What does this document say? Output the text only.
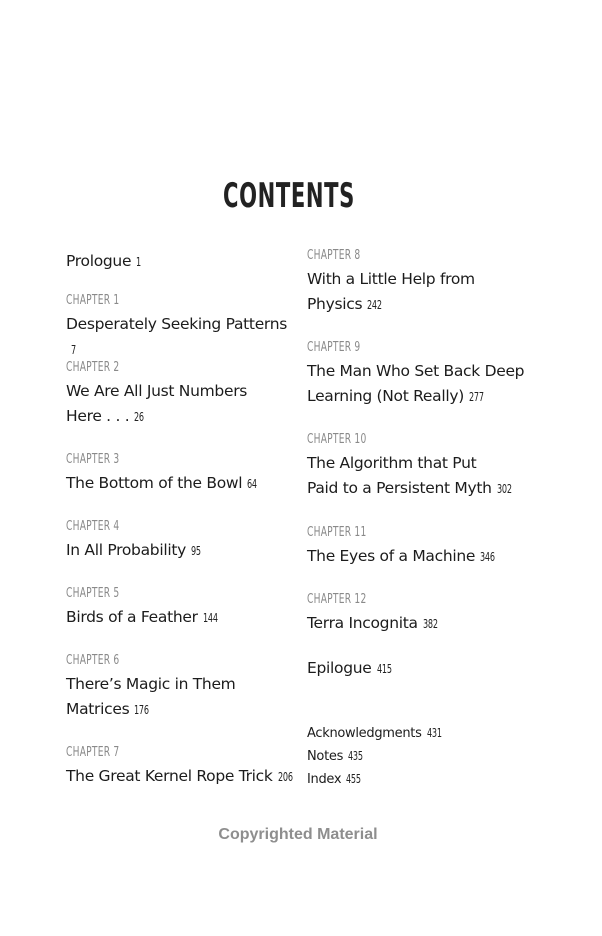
CONTENTS
Prologue 1
CHAPTER 1
Desperately Seeking Patterns7
CHAPTER 2
We Are All Just Numbers
Here . . . 26
CHAPTER 3
The Bottom of the Bowl 64
CHAPTER 4
In All Probability 95
CHAPTER 5
Birds of a Feather 144
CHAPTER 6
There’s Magic in Them
Matrices 176
CHAPTER 7
The Great Kernel Rope Trick 206
CHAPTER 8
With a Little Help from
Physics 242
CHAPTER 9
The Man Who Set Back Deep
Learning (Not Really) 277
CHAPTER 10
The Algorithm that Put
Paid to a Persistent Myth 302
CHAPTER 11
The Eyes of a Machine 346
CHAPTER 12
Terra Incognita 382
Epilogue 415
Acknowledgments 431
Notes 435
Index 455
Copyrighted Material
